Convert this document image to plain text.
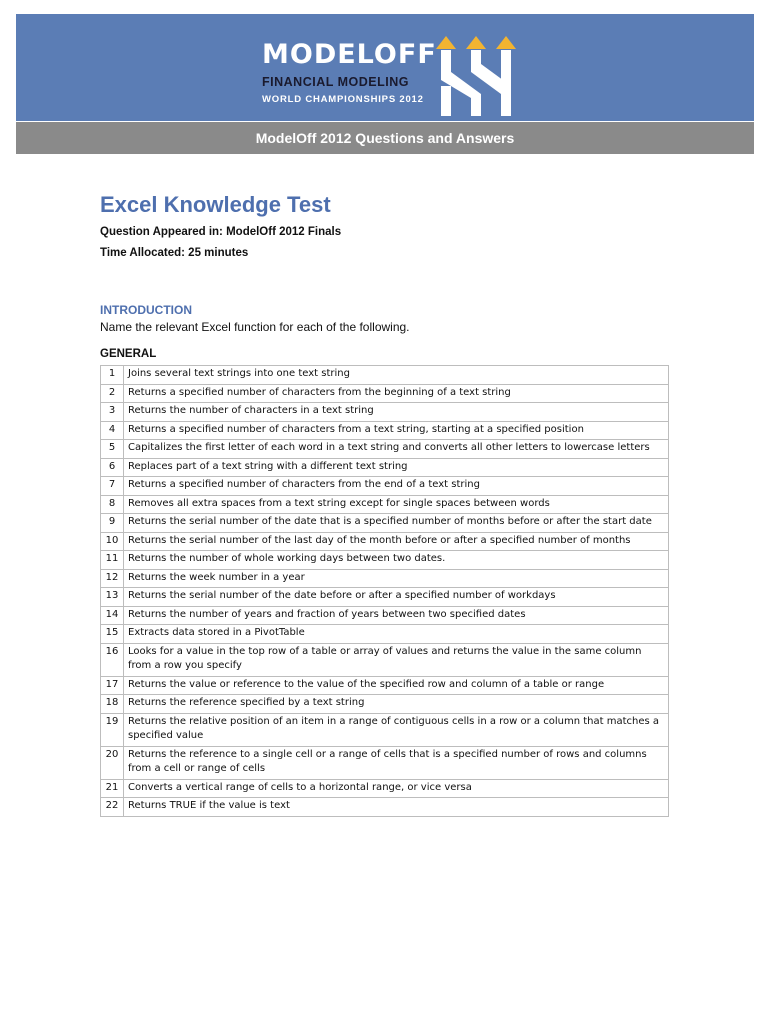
MODELOFF
FINANCIAL MODELING
WORLD CHAMPIONSHIPS 2012
ModelOff 2012 Questions and Answers
Excel Knowledge Test
Question Appeared in: ModelOff 2012 Finals
Time Allocated: 25 minutes
INTRODUCTION
Name the relevant Excel function for each of the following.
GENERAL
1	Joins several text strings into one text string
2	Returns a specified number of characters from the beginning of a text string
3	Returns the number of characters in a text string
4	Returns a specified number of characters from a text string, starting at a specified position
5	Capitalizes the first letter of each word in a text string and converts all other letters to lowercase letters
6	Replaces part of a text string with a different text string
7	Returns a specified number of characters from the end of a text string
8	Removes all extra spaces from a text string except for single spaces between words
9	Returns the serial number of the date that is a specified number of months before or after the start date
10	Returns the serial number of the last day of the month before or after a specified number of months
11	Returns the number of whole working days between two dates.
12	Returns the week number in a year
13	Returns the serial number of the date before or after a specified number of workdays
14	Returns the number of years and fraction of years between two specified dates
15	Extracts data stored in a PivotTable
16	Looks for a value in the top row of a table or array of values and returns the value in the same column from a row you specify
17	Returns the value or reference to the value of the specified row and column of a table or range
18	Returns the reference specified by a text string
19	Returns the relative position of an item in a range of contiguous cells in a row or a column that matches a specified value
20	Returns the reference to a single cell or a range of cells that is a specified number of rows and columns from a cell or range of cells
21	Converts a vertical range of cells to a horizontal range, or vice versa
22	Returns TRUE if the value is text
